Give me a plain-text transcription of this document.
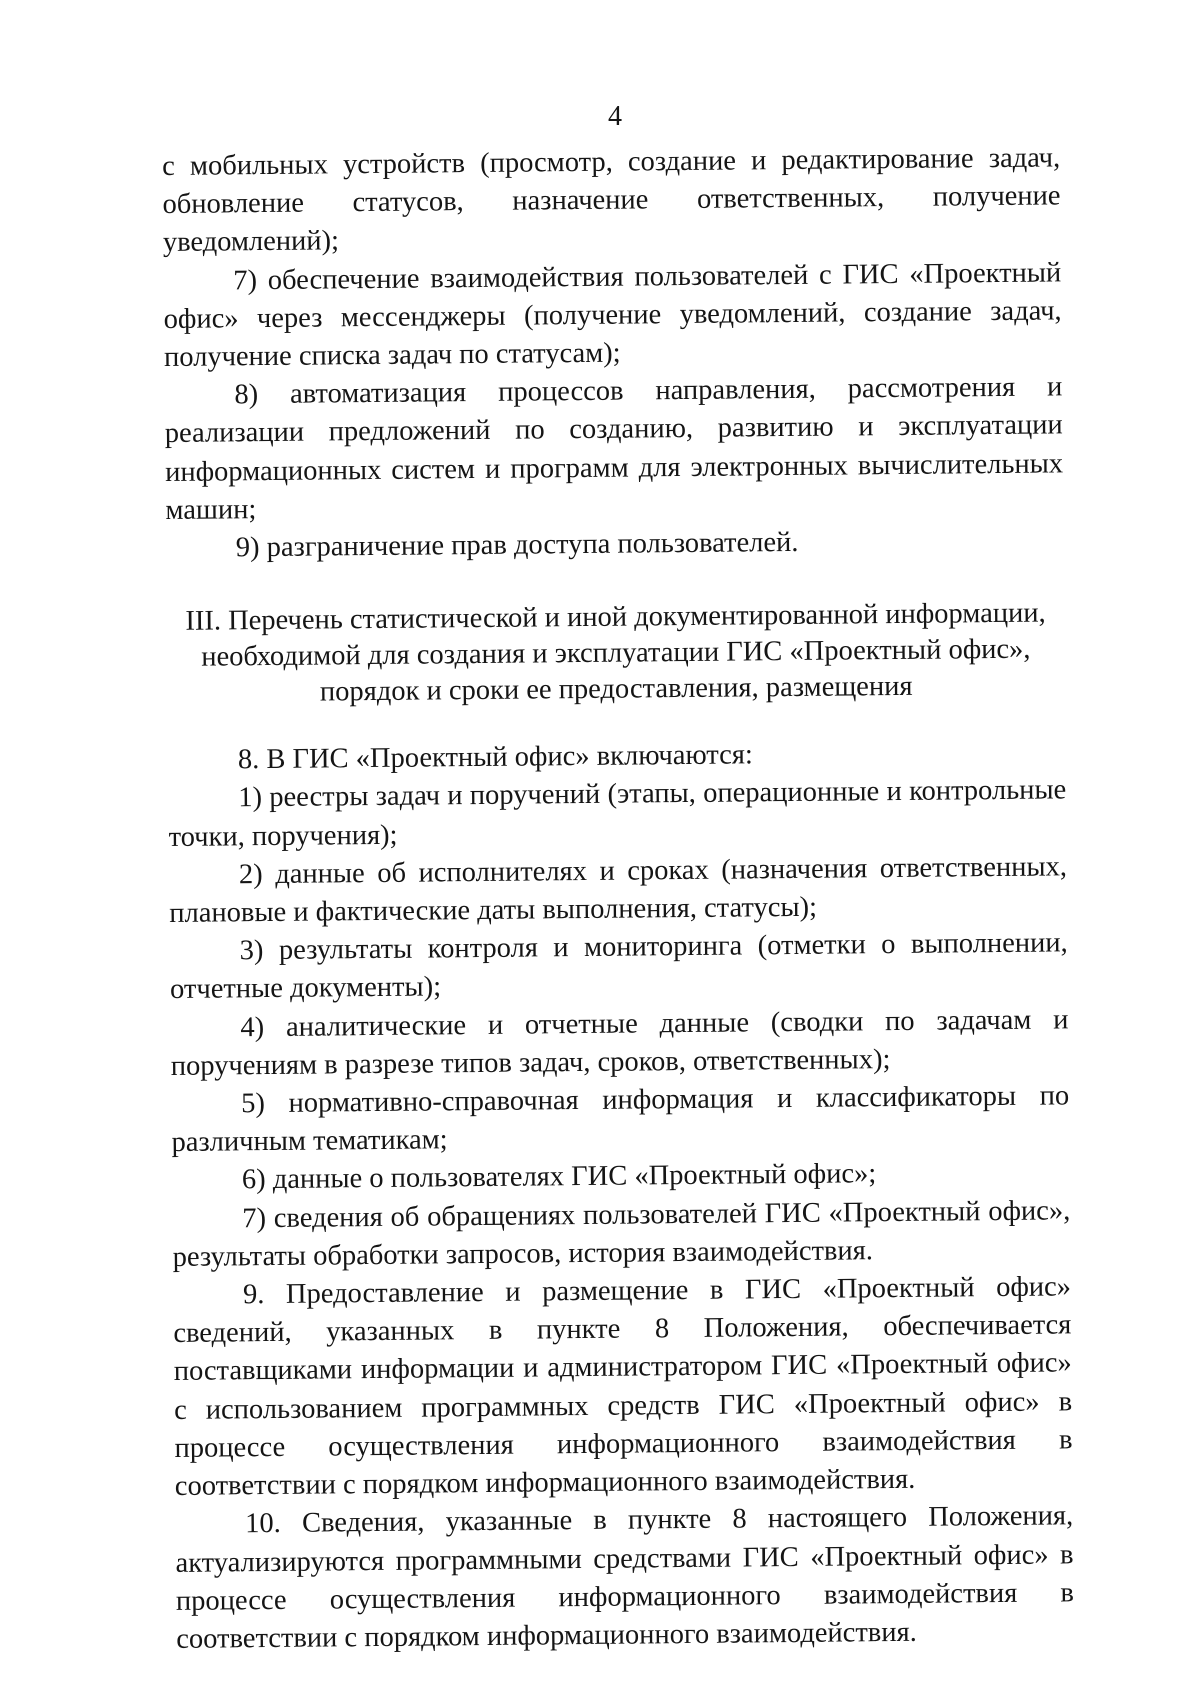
4

с мобильных устройств (просмотр, создание и редактирование задач, обновление статусов, назначение ответственных, получение уведомлений);

7) обеспечение взаимодействия пользователей с ГИС «Проектный офис» через мессенджеры (получение уведомлений, создание задач, получение списка задач по статусам);

8) автоматизация процессов направления, рассмотрения и реализации предложений по созданию, развитию и эксплуатации информационных систем и программ для электронных вычислительных машин;

9) разграничение прав доступа пользователей.

III. Перечень статистической и иной документированной информации,
необходимой для создания и эксплуатации ГИС «Проектный офис»,
порядок и сроки ее предоставления, размещения

8. В ГИС «Проектный офис» включаются:

1) реестры задач и поручений (этапы, операционные и контрольные точки, поручения);

2) данные об исполнителях и сроках (назначения ответственных, плановые и фактические даты выполнения, статусы);

3) результаты контроля и мониторинга (отметки о выполнении, отчетные документы);

4) аналитические и отчетные данные (сводки по задачам и поручениям в разрезе типов задач, сроков, ответственных);

5) нормативно-справочная информация и классификаторы по различным тематикам;

6) данные о пользователях ГИС «Проектный офис»;

7) сведения об обращениях пользователей ГИС «Проектный офис», результаты обработки запросов, история взаимодействия.

9. Предоставление и размещение в ГИС «Проектный офис» сведений, указанных в пункте 8 Положения, обеспечивается поставщиками информации и администратором ГИС «Проектный офис» с использованием программных средств ГИС «Проектный офис» в процессе осуществления информационного взаимодействия в соответствии с порядком информационного взаимодействия.

10. Сведения, указанные в пункте 8 настоящего Положения, актуализируются программными средствами ГИС «Проектный офис» в процессе осуществления информационного взаимодействия в соответствии с порядком информационного взаимодействия.
